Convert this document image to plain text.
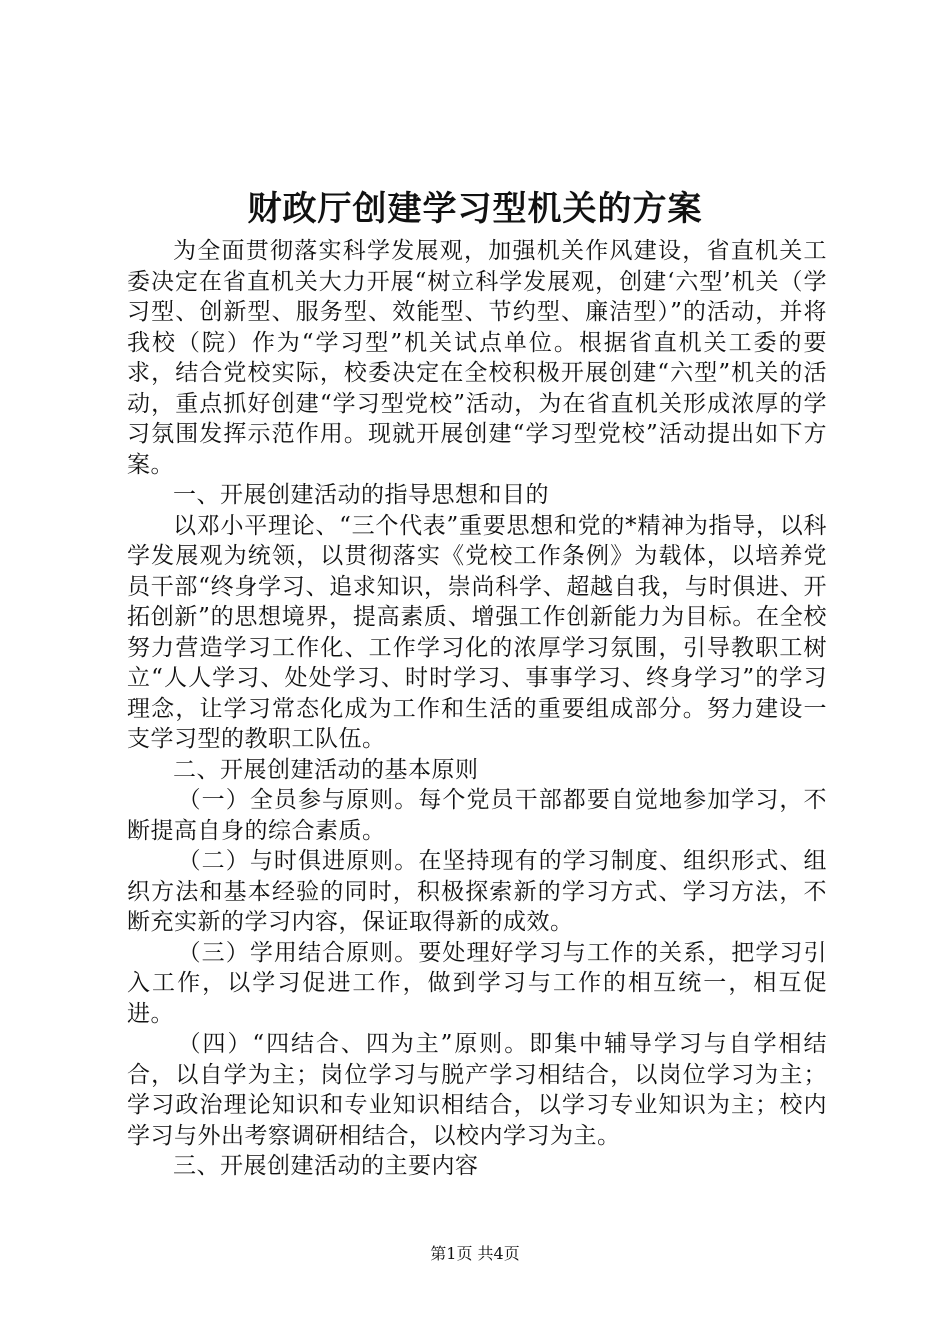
财政厅创建学习型机关的方案

为全面贯彻落实科学发展观，加强机关作风建设，省直机关工委决定在省直机关大力开展“树立科学发展观，创建‘六型’机关（学习型、创新型、服务型、效能型、节约型、廉洁型）”的活动，并将我校（院）作为“学习型”机关试点单位。根据省直机关工委的要求，结合党校实际，校委决定在全校积极开展创建“六型”机关的活动，重点抓好创建“学习型党校”活动，为在省直机关形成浓厚的学习氛围发挥示范作用。现就开展创建“学习型党校”活动提出如下方案。

一、开展创建活动的指导思想和目的

以邓小平理论、“三个代表”重要思想和党的*精神为指导，以科学发展观为统领，以贯彻落实《党校工作条例》为载体，以培养党员干部“终身学习、追求知识，崇尚科学、超越自我，与时俱进、开拓创新”的思想境界，提高素质、增强工作创新能力为目标。在全校努力营造学习工作化、工作学习化的浓厚学习氛围，引导教职工树立“人人学习、处处学习、时时学习、事事学习、终身学习”的学习理念，让学习常态化成为工作和生活的重要组成部分。努力建设一支学习型的教职工队伍。

二、开展创建活动的基本原则

（一）全员参与原则。每个党员干部都要自觉地参加学习，不断提高自身的综合素质。

（二）与时俱进原则。在坚持现有的学习制度、组织形式、组织方法和基本经验的同时，积极探索新的学习方式、学习方法，不断充实新的学习内容，保证取得新的成效。

（三）学用结合原则。要处理好学习与工作的关系，把学习引入工作，以学习促进工作，做到学习与工作的相互统一，相互促进。

（四）“四结合、四为主”原则。即集中辅导学习与自学相结合，以自学为主；岗位学习与脱产学习相结合，以岗位学习为主；学习政治理论知识和专业知识相结合，以学习专业知识为主；校内学习与外出考察调研相结合，以校内学习为主。

三、开展创建活动的主要内容

第1页 共4页
